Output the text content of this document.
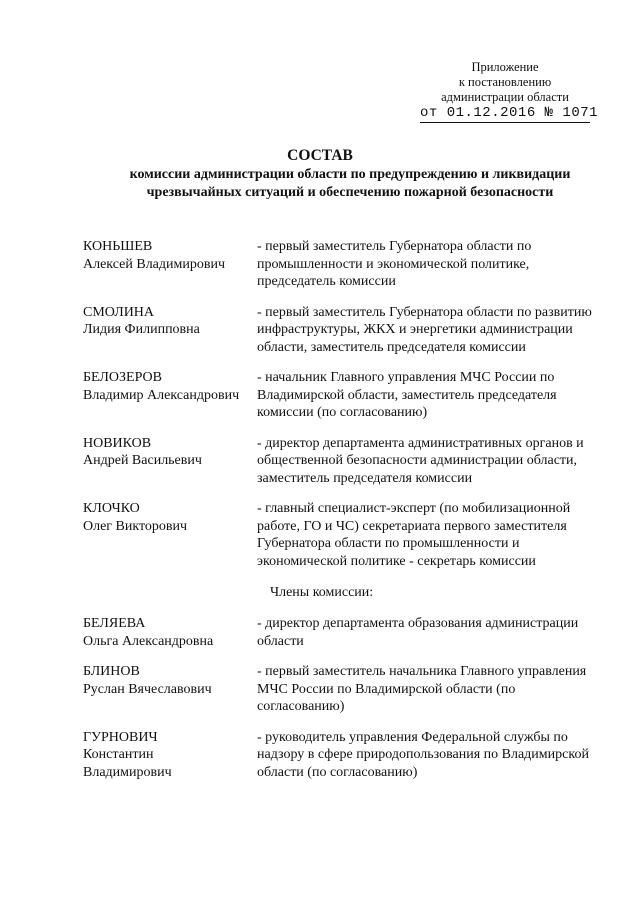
Приложение
к постановлению
администрации области
от 01.12.2016 № 1071
СОСТАВ
комиссии администрации области по предупреждению и ликвидации
чрезвычайных ситуаций и обеспечению пожарной безопасности
КОНЬШЕВ
Алексей Владимирович
- первый заместитель Губернатора области по промышленности и экономической политике, председатель комиссии
СМОЛИНА
Лидия Филипповна
- первый заместитель Губернатора области по развитию инфраструктуры, ЖКХ и энергетики администрации области, заместитель председателя комиссии
БЕЛОЗЕРОВ
Владимир Александрович
- начальник Главного управления МЧС России по Владимирской области, заместитель председателя комиссии (по согласованию)
НОВИКОВ
Андрей Васильевич
- директор департамента административных органов и общественной безопасности администрации области, заместитель председателя комиссии
КЛОЧКО
Олег Викторович
- главный специалист-эксперт (по мобилизационной работе, ГО и ЧС) секретариата первого заместителя Губернатора области по промышленности и экономической политике - секретарь комиссии
Члены комиссии:
БЕЛЯЕВА
Ольга Александровна
- директор департамента образования администрации области
БЛИНОВ
Руслан Вячеславович
- первый заместитель начальника Главного управления МЧС России по Владимирской области (по согласованию)
ГУРНОВИЧ
Константин
Владимирович
- руководитель управления Федеральной службы по надзору в сфере природопользования по Владимирской области (по согласованию)
